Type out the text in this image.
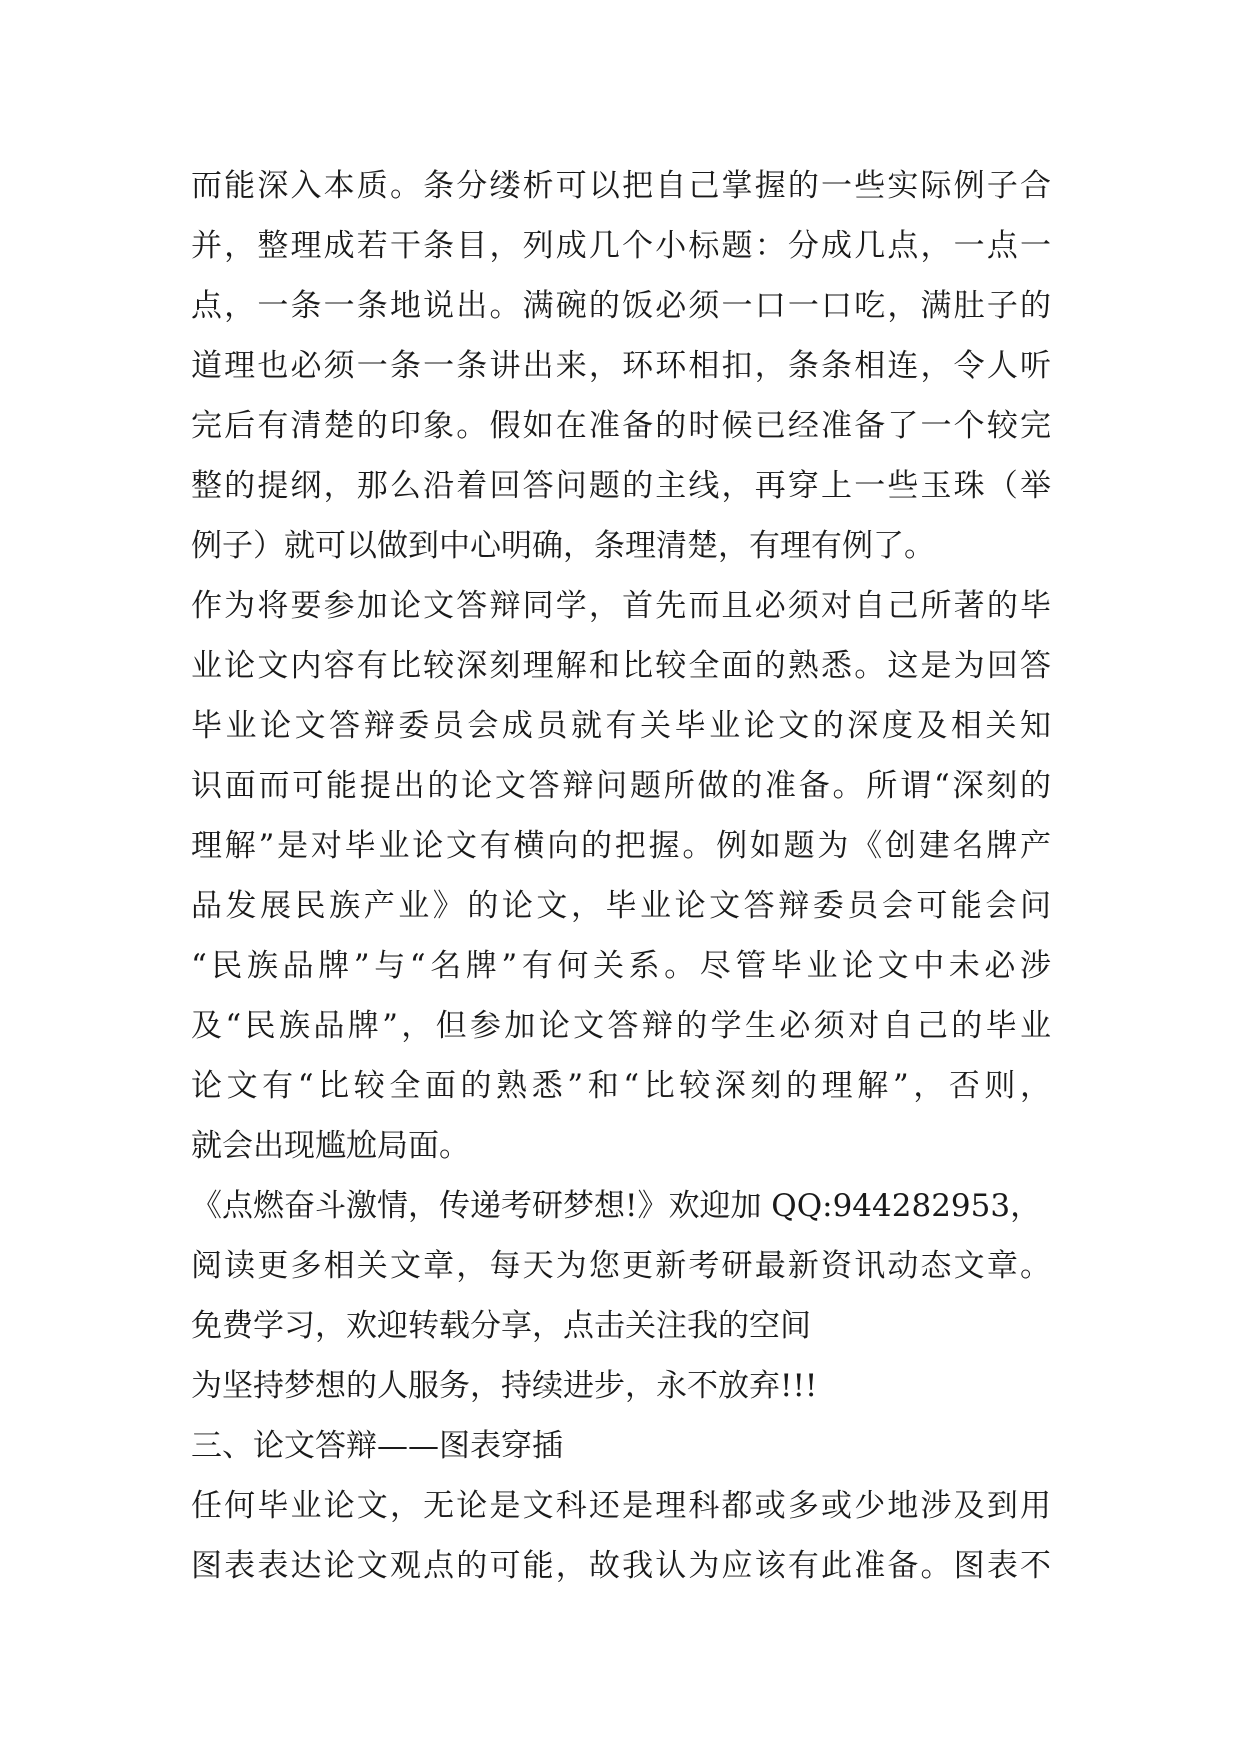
而能深入本质。条分缕析可以把自己掌握的一些实际例子合
并，整理成若干条目，列成几个小标题：分成几点，一点一
点，一条一条地说出。满碗的饭必须一口一口吃，满肚子的
道理也必须一条一条讲出来，环环相扣，条条相连，令人听
完后有清楚的印象。假如在准备的时候已经准备了一个较完
整的提纲，那么沿着回答问题的主线，再穿上一些玉珠（举
例子）就可以做到中心明确，条理清楚，有理有例了。
作为将要参加论文答辩同学，首先而且必须对自己所著的毕
业论文内容有比较深刻理解和比较全面的熟悉。这是为回答
毕业论文答辩委员会成员就有关毕业论文的深度及相关知
识面而可能提出的论文答辩问题所做的准备。所谓“深刻的
理解”是对毕业论文有横向的把握。例如题为《创建名牌产
品发展民族产业》的论文，毕业论文答辩委员会可能会问
“民族品牌”与“名牌”有何关系。尽管毕业论文中未必涉
及“民族品牌”，但参加论文答辩的学生必须对自己的毕业
论文有“比较全面的熟悉”和“比较深刻的理解”，否则，
就会出现尴尬局面。
《点燃奋斗激情，传递考研梦想!》欢迎加 QQ:944282953，
阅读更多相关文章，每天为您更新考研最新资讯动态文章。
免费学习，欢迎转载分享，点击关注我的空间
为坚持梦想的人服务，持续进步，永不放弃!!!
三、论文答辩——图表穿插
任何毕业论文，无论是文科还是理科都或多或少地涉及到用
图表表达论文观点的可能，故我认为应该有此准备。图表不
